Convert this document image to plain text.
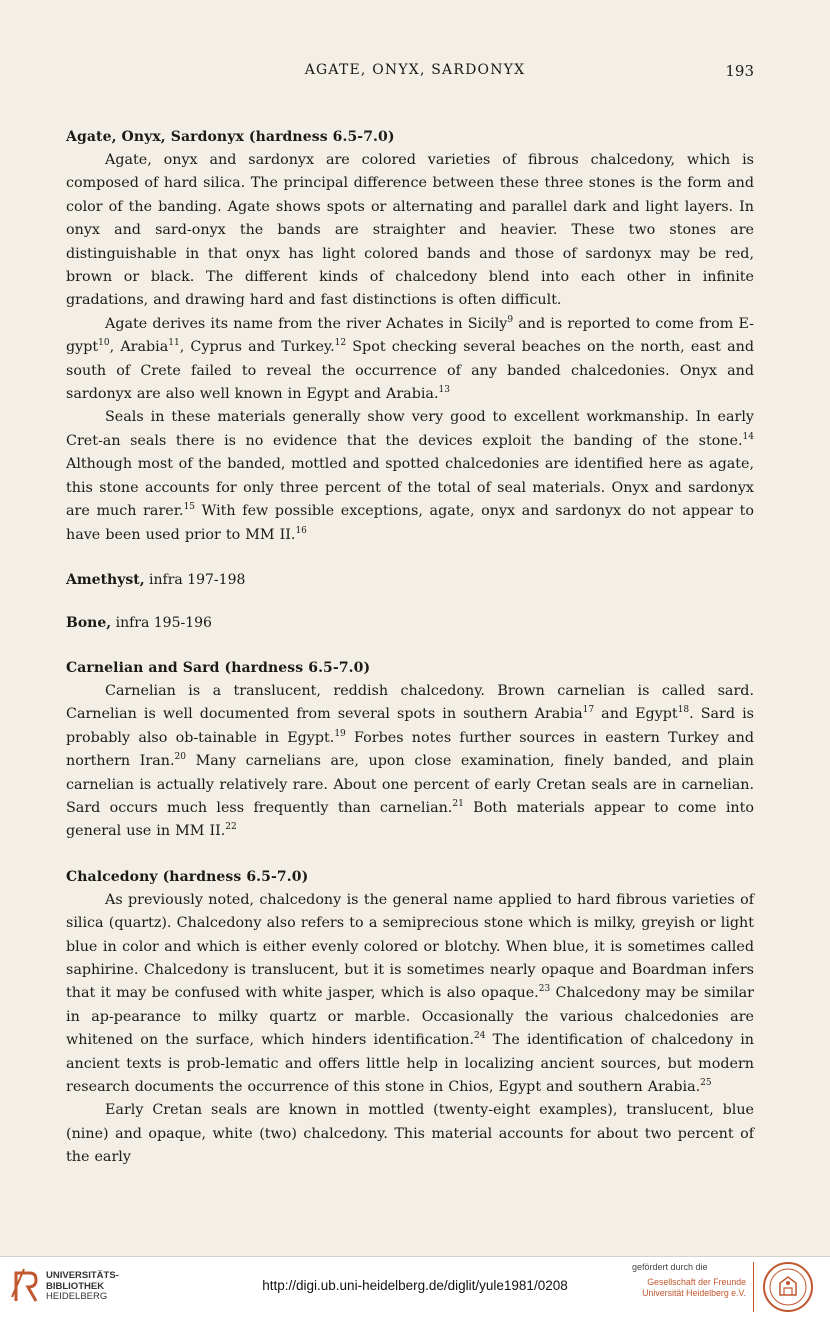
AGATE, ONYX, SARDONYX	193

Agate, Onyx, Sardonyx (hardness 6.5-7.0)

Agate, onyx and sardonyx are colored varieties of fibrous chalcedony, which is composed of hard silica. The principal difference between these three stones is the form and color of the banding. Agate shows spots or alternating and parallel dark and light layers. In onyx and sard-onyx the bands are straighter and heavier. These two stones are distinguishable in that onyx has light colored bands and those of sardonyx may be red, brown or black. The different kinds of chalcedony blend into each other in infinite gradations, and drawing hard and fast distinctions is often difficult.

Agate derives its name from the river Achates in Sicily$^9$ and is reported to come from E-gypt$^{10}$, Arabia$^{11}$, Cyprus and Turkey.$^{12}$ Spot checking several beaches on the north, east and south of Crete failed to reveal the occurrence of any banded chalcedonies. Onyx and sardonyx are also well known in Egypt and Arabia.$^{13}$

Seals in these materials generally show very good to excellent workmanship. In early Cret-an seals there is no evidence that the devices exploit the banding of the stone.$^{14}$ Although most of the banded, mottled and spotted chalcedonies are identified here as agate, this stone accounts for only three percent of the total of seal materials. Onyx and sardonyx are much rarer.$^{15}$ With few possible exceptions, agate, onyx and sardonyx do not appear to have been used prior to MM II.$^{16}$

Amethyst, infra 197-198

Bone, infra 195-196

Carnelian and Sard (hardness 6.5-7.0)

Carnelian is a translucent, reddish chalcedony. Brown carnelian is called sard. Carnelian is well documented from several spots in southern Arabia$^{17}$ and Egypt$^{18}$. Sard is probably also ob-tainable in Egypt.$^{19}$ Forbes notes further sources in eastern Turkey and northern Iran.$^{20}$ Many carnelians are, upon close examination, finely banded, and plain carnelian is actually relatively rare. About one percent of early Cretan seals are in carnelian. Sard occurs much less frequently than carnelian.$^{21}$ Both materials appear to come into general use in MM II.$^{22}$

Chalcedony (hardness 6.5-7.0)

As previously noted, chalcedony is the general name applied to hard fibrous varieties of silica (quartz). Chalcedony also refers to a semiprecious stone which is milky, greyish or light blue in color and which is either evenly colored or blotchy. When blue, it is sometimes called saphirine. Chalcedony is translucent, but it is sometimes nearly opaque and Boardman infers that it may be confused with white jasper, which is also opaque.$^{23}$ Chalcedony may be similar in ap-pearance to milky quartz or marble. Occasionally the various chalcedonies are whitened on the surface, which hinders identification.$^{24}$ The identification of chalcedony in ancient texts is prob-lematic and offers little help in localizing ancient sources, but modern research documents the occurrence of this stone in Chios, Egypt and southern Arabia.$^{25}$

Early Cretan seals are known in mottled (twenty-eight examples), translucent, blue (nine) and opaque, white (two) chalcedony. This material accounts for about two percent of the early

UNIVERSITÄTS-
BIBLIOTHEK
HEIDELBERG
http://digi.ub.uni-heidelberg.de/diglit/yule1981/0208
gefördert durch die
Gesellschaft der Freunde
Universität Heidelberg e.V.
